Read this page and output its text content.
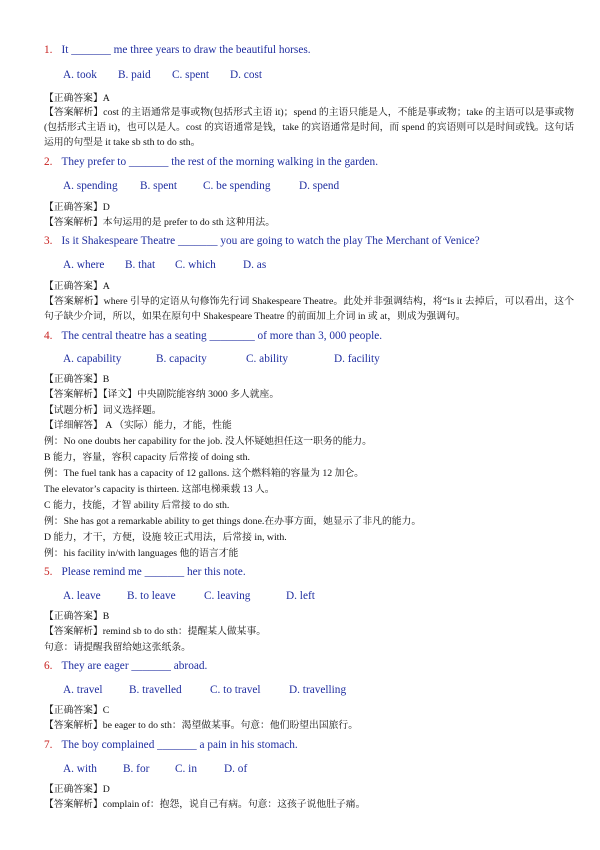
1. It _______ me three years to draw the beautiful horses.
A. took B. paid C. spent D. cost
【正确答案】A
【答案解析】cost 的主语通常是事或物(包括形式主语 it)；spend 的主语只能是人，不能是事或物；take 的主语可以是事或物(包括形式主语 it)，也可以是人。cost 的宾语通常是钱，take 的宾语通常是时间，而 spend 的宾语则可以是时间或钱。这句话运用的句型是 it take sb sth to do sth。
2. They prefer to _______ the rest of the morning walking in the garden.
A. spending B. spent C. be spending	D. spend
【正确答案】D
【答案解析】本句运用的是 prefer to do sth 这种用法。
3. Is it Shakespeare Theatre _______ you are going to watch the play The Merchant of Venice?
A. where B. that C. which D. as
【正确答案】A
【答案解析】where 引导的定语从句修饰先行词 Shakespeare Theatre。此处并非强调结构，将“Is it 去掉后，可以看出，这个句子缺少介词，所以，如果在原句中 Shakespeare Theatre 的前面加上介词 in 或 at，则成为强调句。
4. The central theatre has a seating ________ of more than 3, 000 people.
A. capability	B. capacity	C. ability	D. facility
【正确答案】B
【答案解析】【译文】中央剧院能容纳 3000 多人就座。
【试题分析】词义选择题。
【详细解答】 A （实际）能力，才能，性能
例：No one doubts her capability for the job. 没人怀疑她担任这一职务的能力。
B 能力，容量，容积 capacity 后常接 of doing sth.
例：The fuel tank has a capacity of 12 gallons. 这个燃料箱的容量为 12 加仑。
The elevator’s capacity is thirteen. 这部电梯乘载 13 人。
C 能力，技能，才智 ability 后常接 to do sth.
例：She has got a remarkable ability to get things done.在办事方面，她显示了非凡的能力。
D 能力，才干，方便，设施 较正式用法，后常接 in, with.
例：his facility in/with languages 他的语言才能
5. Please remind me _______ her this note.
A. leave B. to leave	C. leaving	D. left
【正确答案】B
【答案解析】remind sb to do sth：提醒某人做某事。
句意：请提醒我留给她这张纸条。
6. They are eager _______ abroad.
A. travel B. travelled	C. to travel	D. travelling
【正确答案】C
【答案解析】be eager to do sth：渴望做某事。句意：他们盼望出国旅行。
7. The boy complained _______ a pain in his stomach.
A. with B. for C. in D. of
【正确答案】D
【答案解析】complain of：抱怨，说自己有病。句意：这孩子说他肚子痛。
